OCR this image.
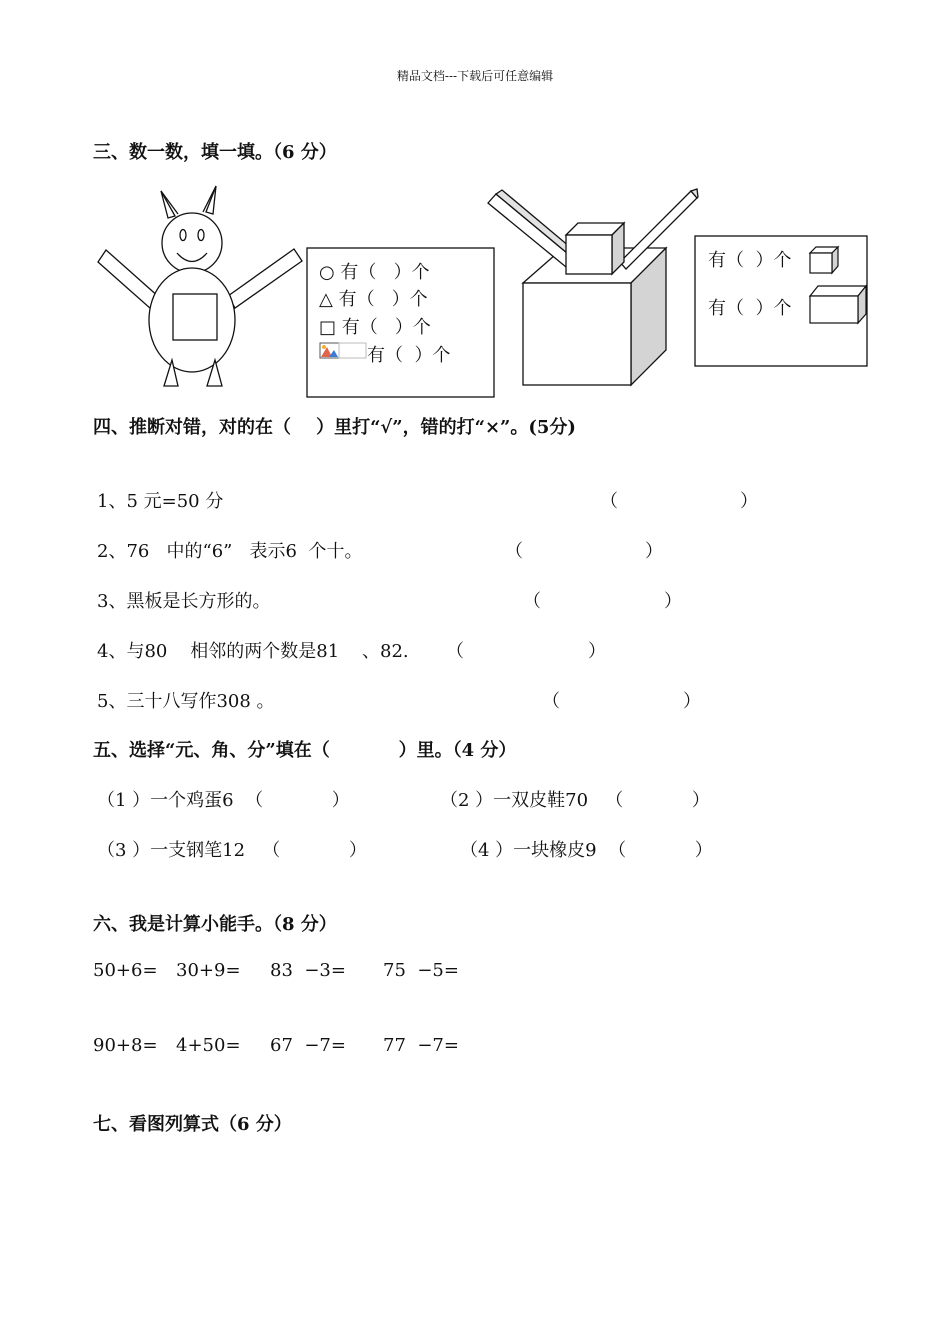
精品文档---下载后可任意编辑
三、数一数，填一填。（6 分）
○ 有（   ）个
△ 有（   ）个
□ 有（   ）个
有（  ）个
有（  ）个
有（  ）个
四、推断对错，对的在（    ）里打“√”，错的打“×”。(5分)
1、5 元=50 分	（	）
2、76   中的“6”   表示6  个十。	（	）
3、黑板是长方形的。	（	）
4、与80    相邻的两个数是81    、82. （	）
5、三十八写作308 。	（	）
五、选择“元、角、分”填在（           ）里。（4 分）
（1 ）一个鸡蛋6  （            ）	（2 ）一双皮鞋70   （            ）
（3 ）一支钢笔12   （            ）	（4 ）一块橡皮9  （            ）
六、我是计算小能手。（8 分）
50+6= 30+9= 83  −3= 75  −5=
90+8= 4+50= 67  −7= 77  −7=
七、看图列算式（6 分）
